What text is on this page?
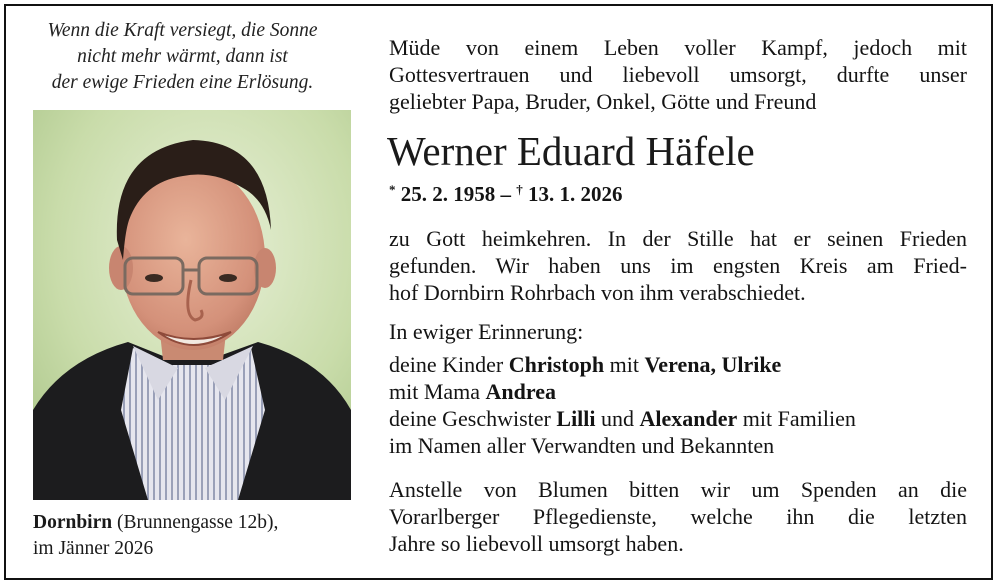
Wenn die Kraft versiegt, die Sonne
nicht mehr wärmt, dann ist
der ewige Frieden eine Erlösung.
Dornbirn (Brunnengasse 12b),
im Jänner 2026
Müde von einem Leben voller Kampf, jedoch mit
Gottesvertrauen und liebevoll umsorgt, durfte unser
geliebter Papa, Bruder, Onkel, Götte und Freund
Werner Eduard Häfele
* 25. 2. 1958 – † 13. 1. 2026
zu Gott heimkehren. In der Stille hat er seinen Frieden
gefunden. Wir haben uns im engsten Kreis am Fried-
hof Dornbirn Rohrbach von ihm verabschiedet.
In ewiger Erinnerung:
deine Kinder Christoph mit Verena, Ulrike
mit Mama Andrea
deine Geschwister Lilli und Alexander mit Familien
im Namen aller Verwandten und Bekannten
Anstelle von Blumen bitten wir um Spenden an die
Vorarlberger Pflegedienste, welche ihn die letzten
Jahre so liebevoll umsorgt haben.
